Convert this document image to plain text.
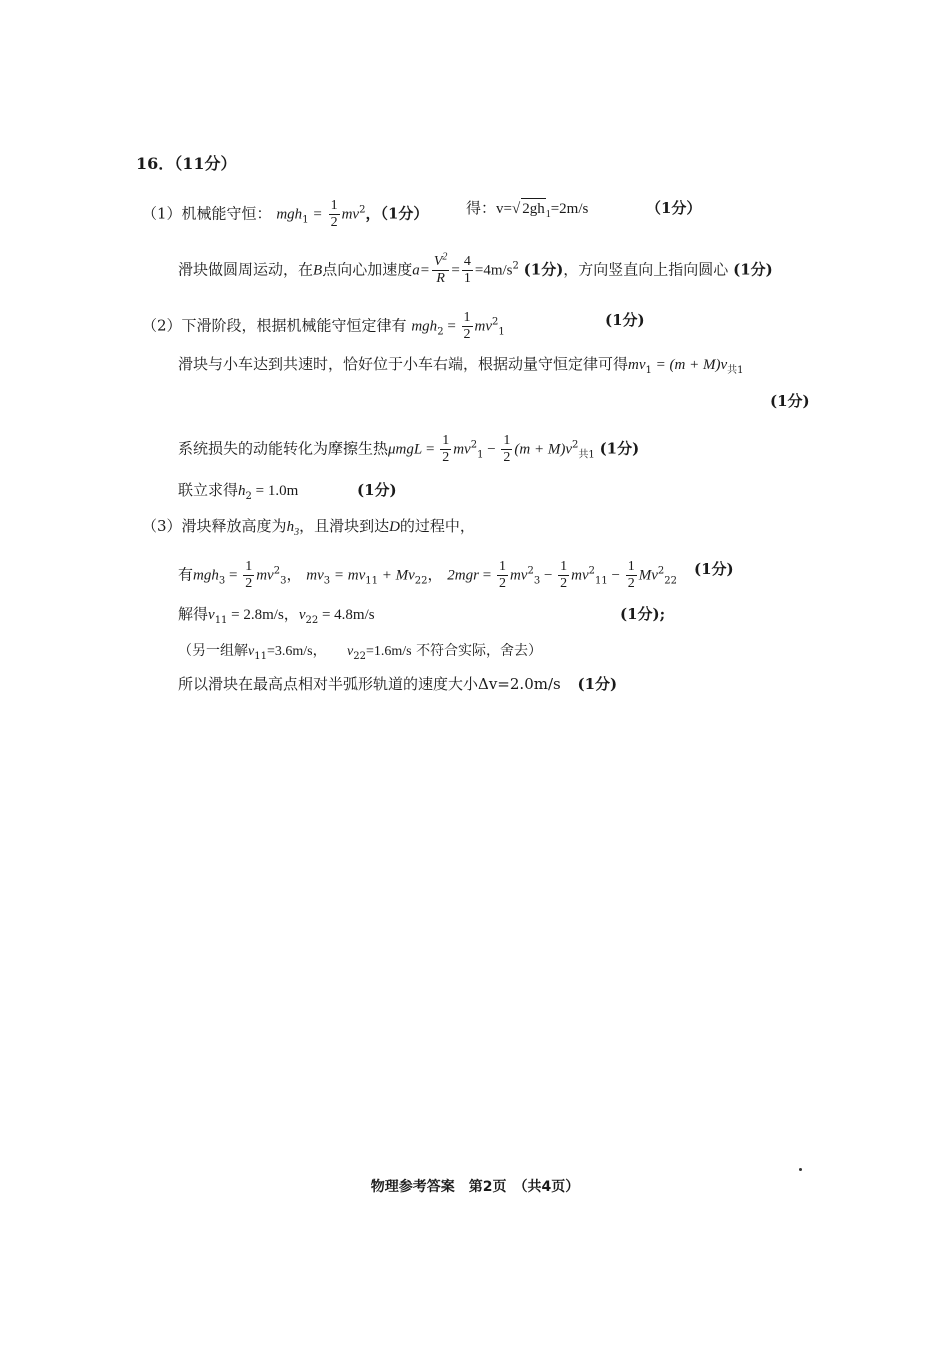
16．（11分）
（1）机械能守恒： $mgh_1 = \frac{1}{2} mv^2$，（1分）	得：v=√ $2gh_1=2m/s$	（1分）
滑块做圆周运动，在B点向心加速度$a= \frac{V^2}{R} = \frac{4}{1} =4m/s^2$ (1分)，方向竖直向上指向圆心 (1分)
（2）下滑阶段，根据机械能守恒定律有 $mgh_2 = \frac{1}{2} mv^2_1$
(1分)
滑块与小车达到共速时，恰好位于小车右端，根据动量守恒定律可得$mv_1 = (m + M)v_{共1}$
(1分)
系统损失的动能转化为摩擦生热$\mu mgL = \frac{1}{2} mv^2_1 - \frac{1}{2} (m + M)v^2_{共1}$ (1分)
联立求得$h_2 = 1.0m$	(1分)
（3）滑块释放高度为$h_3$，且滑块到达D的过程中，
有$mgh_3 = \frac{1}{2} mv^2_3$， $mv_3 = mv_{11} + Mv_{22}$， $2mgr = \frac{1}{2} mv^2_3 - \frac{1}{2} mv^2_{11} - \frac{1}{2} Mv^2_{22}$
(1分)
解得$v_{11} = 2.8m/s$，$v_{22} = 4.8m/s$	(1分);
（另一组解$v_{11}=3.6m/s$， $v_{22}=1.6m/s$ 不符合实际，舍去）
所以滑块在最高点相对半弧形轨道的速度大小Δv=2.0m/s (1分)
物理参考答案　第2页　（共4页）
